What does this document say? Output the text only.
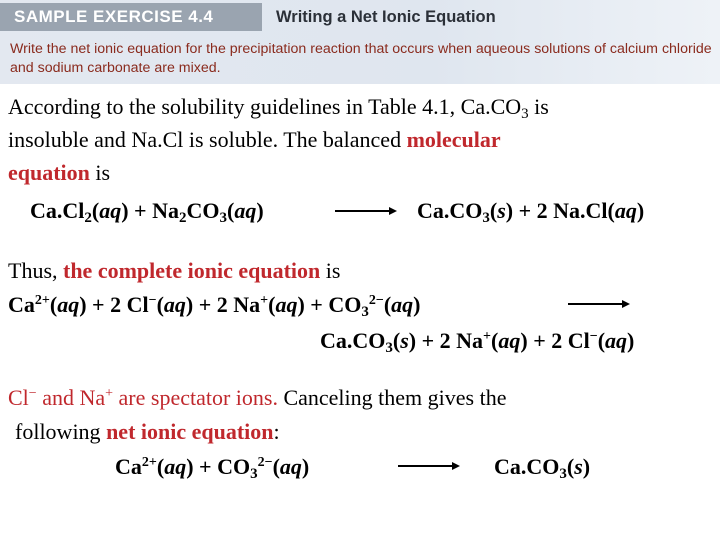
SAMPLE EXERCISE 4.4	Writing a Net Ionic Equation
Write the net ionic equation for the precipitation reaction that occurs when aqueous solutions of calcium chloride and sodium carbonate are mixed.
According to the solubility guidelines in Table 4.1, $Ca.CO_3$ is
insoluble and Na.Cl is soluble. The balanced molecular
equation is
$Ca.Cl_2(aq) + Na_2CO_3(aq)$	→ $Ca.CO_3(s) + 2$ Na.Cl(aq)
Thus, the complete ionic equation is
$Ca^{2+}(aq) + 2$ Cl−(aq) + 2 $Na^+(aq) + CO_3^{2-}(aq)$
$Ca.CO_3(s) + 2$ Na+(aq) + 2 Cl−(aq)
Cl− and Na+ are spectator ions. Canceling them gives the
following net ionic equation:
$Ca^{2+}(aq) + CO_3^{2-}(aq)$	$Ca.CO_3(s)$
